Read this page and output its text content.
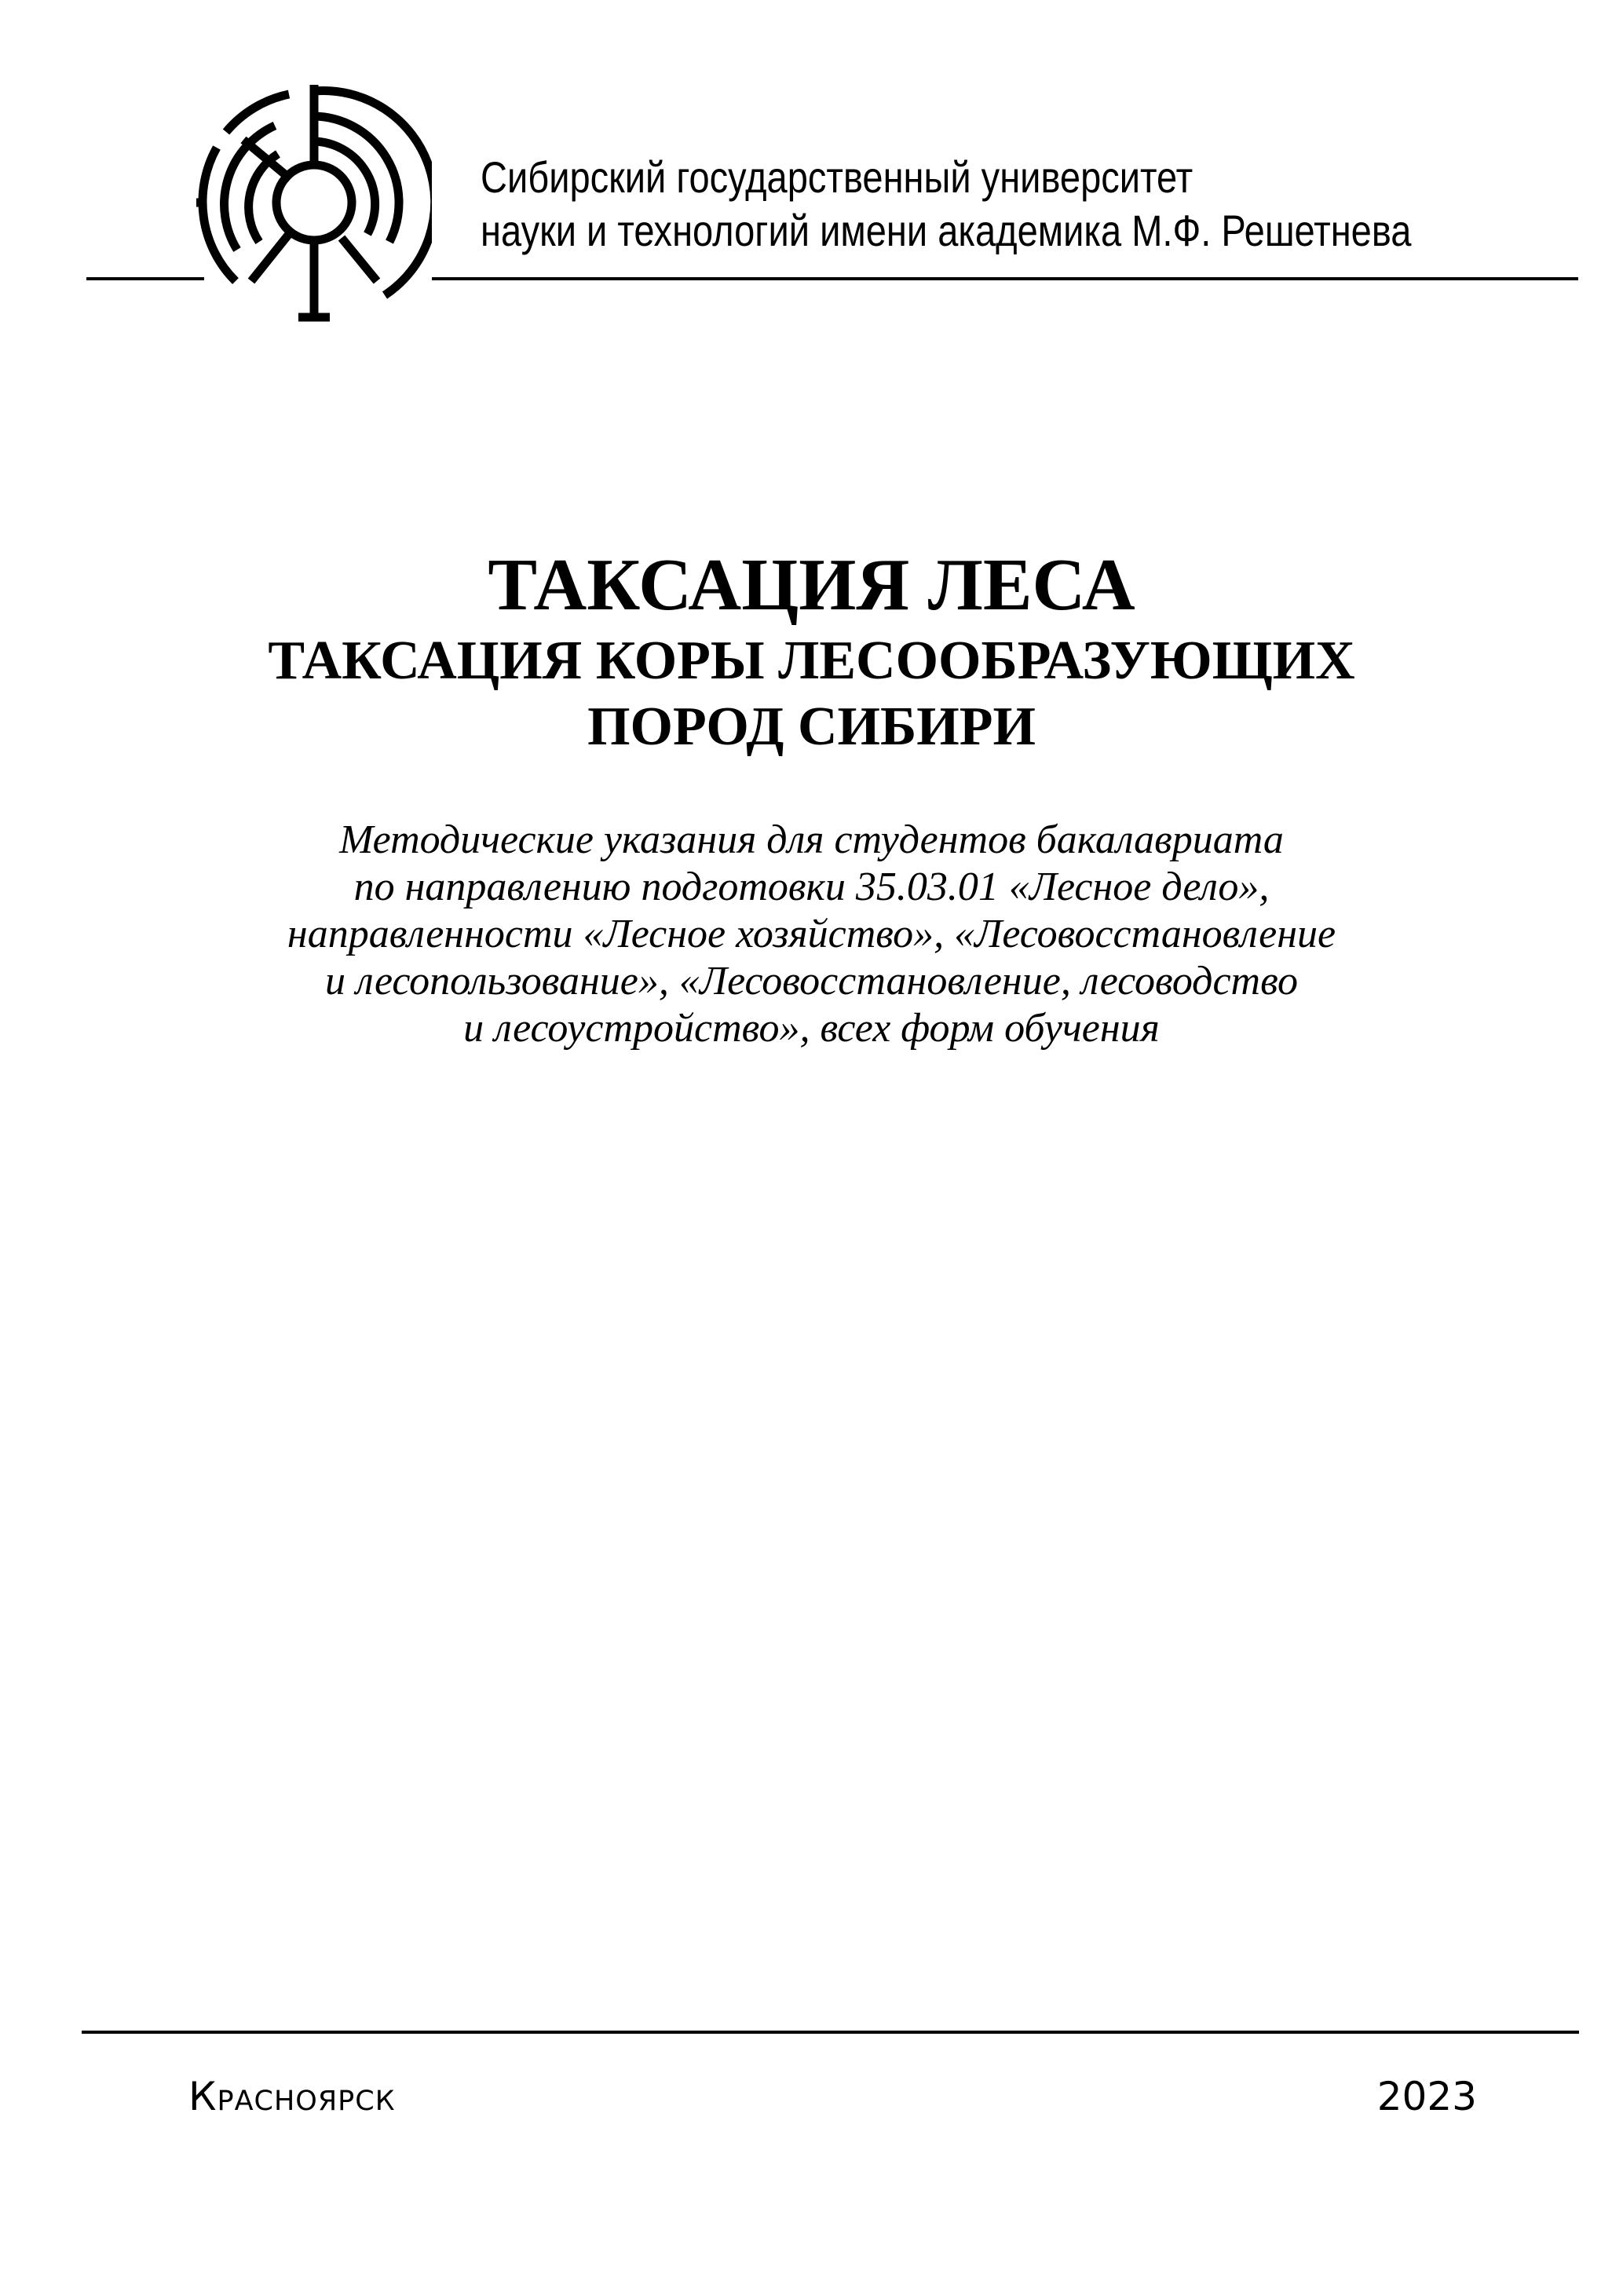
Сибирский государственный университет
науки и технологий имени академика М.Ф. Решетнева
ТАКСАЦИЯ ЛЕСА
ТАКСАЦИЯ КОРЫ ЛЕСООБРАЗУЮЩИХ
ПОРОД СИБИРИ
Методические указания для студентов бакалавриата
по направлению подготовки 35.03.01 «Лесное дело»,
направленности «Лесное хозяйство», «Лесовосстановление
и лесопользование», «Лесовосстановление, лесоводство
и лесоустройство», всех форм обучения
Красноярск	2023
